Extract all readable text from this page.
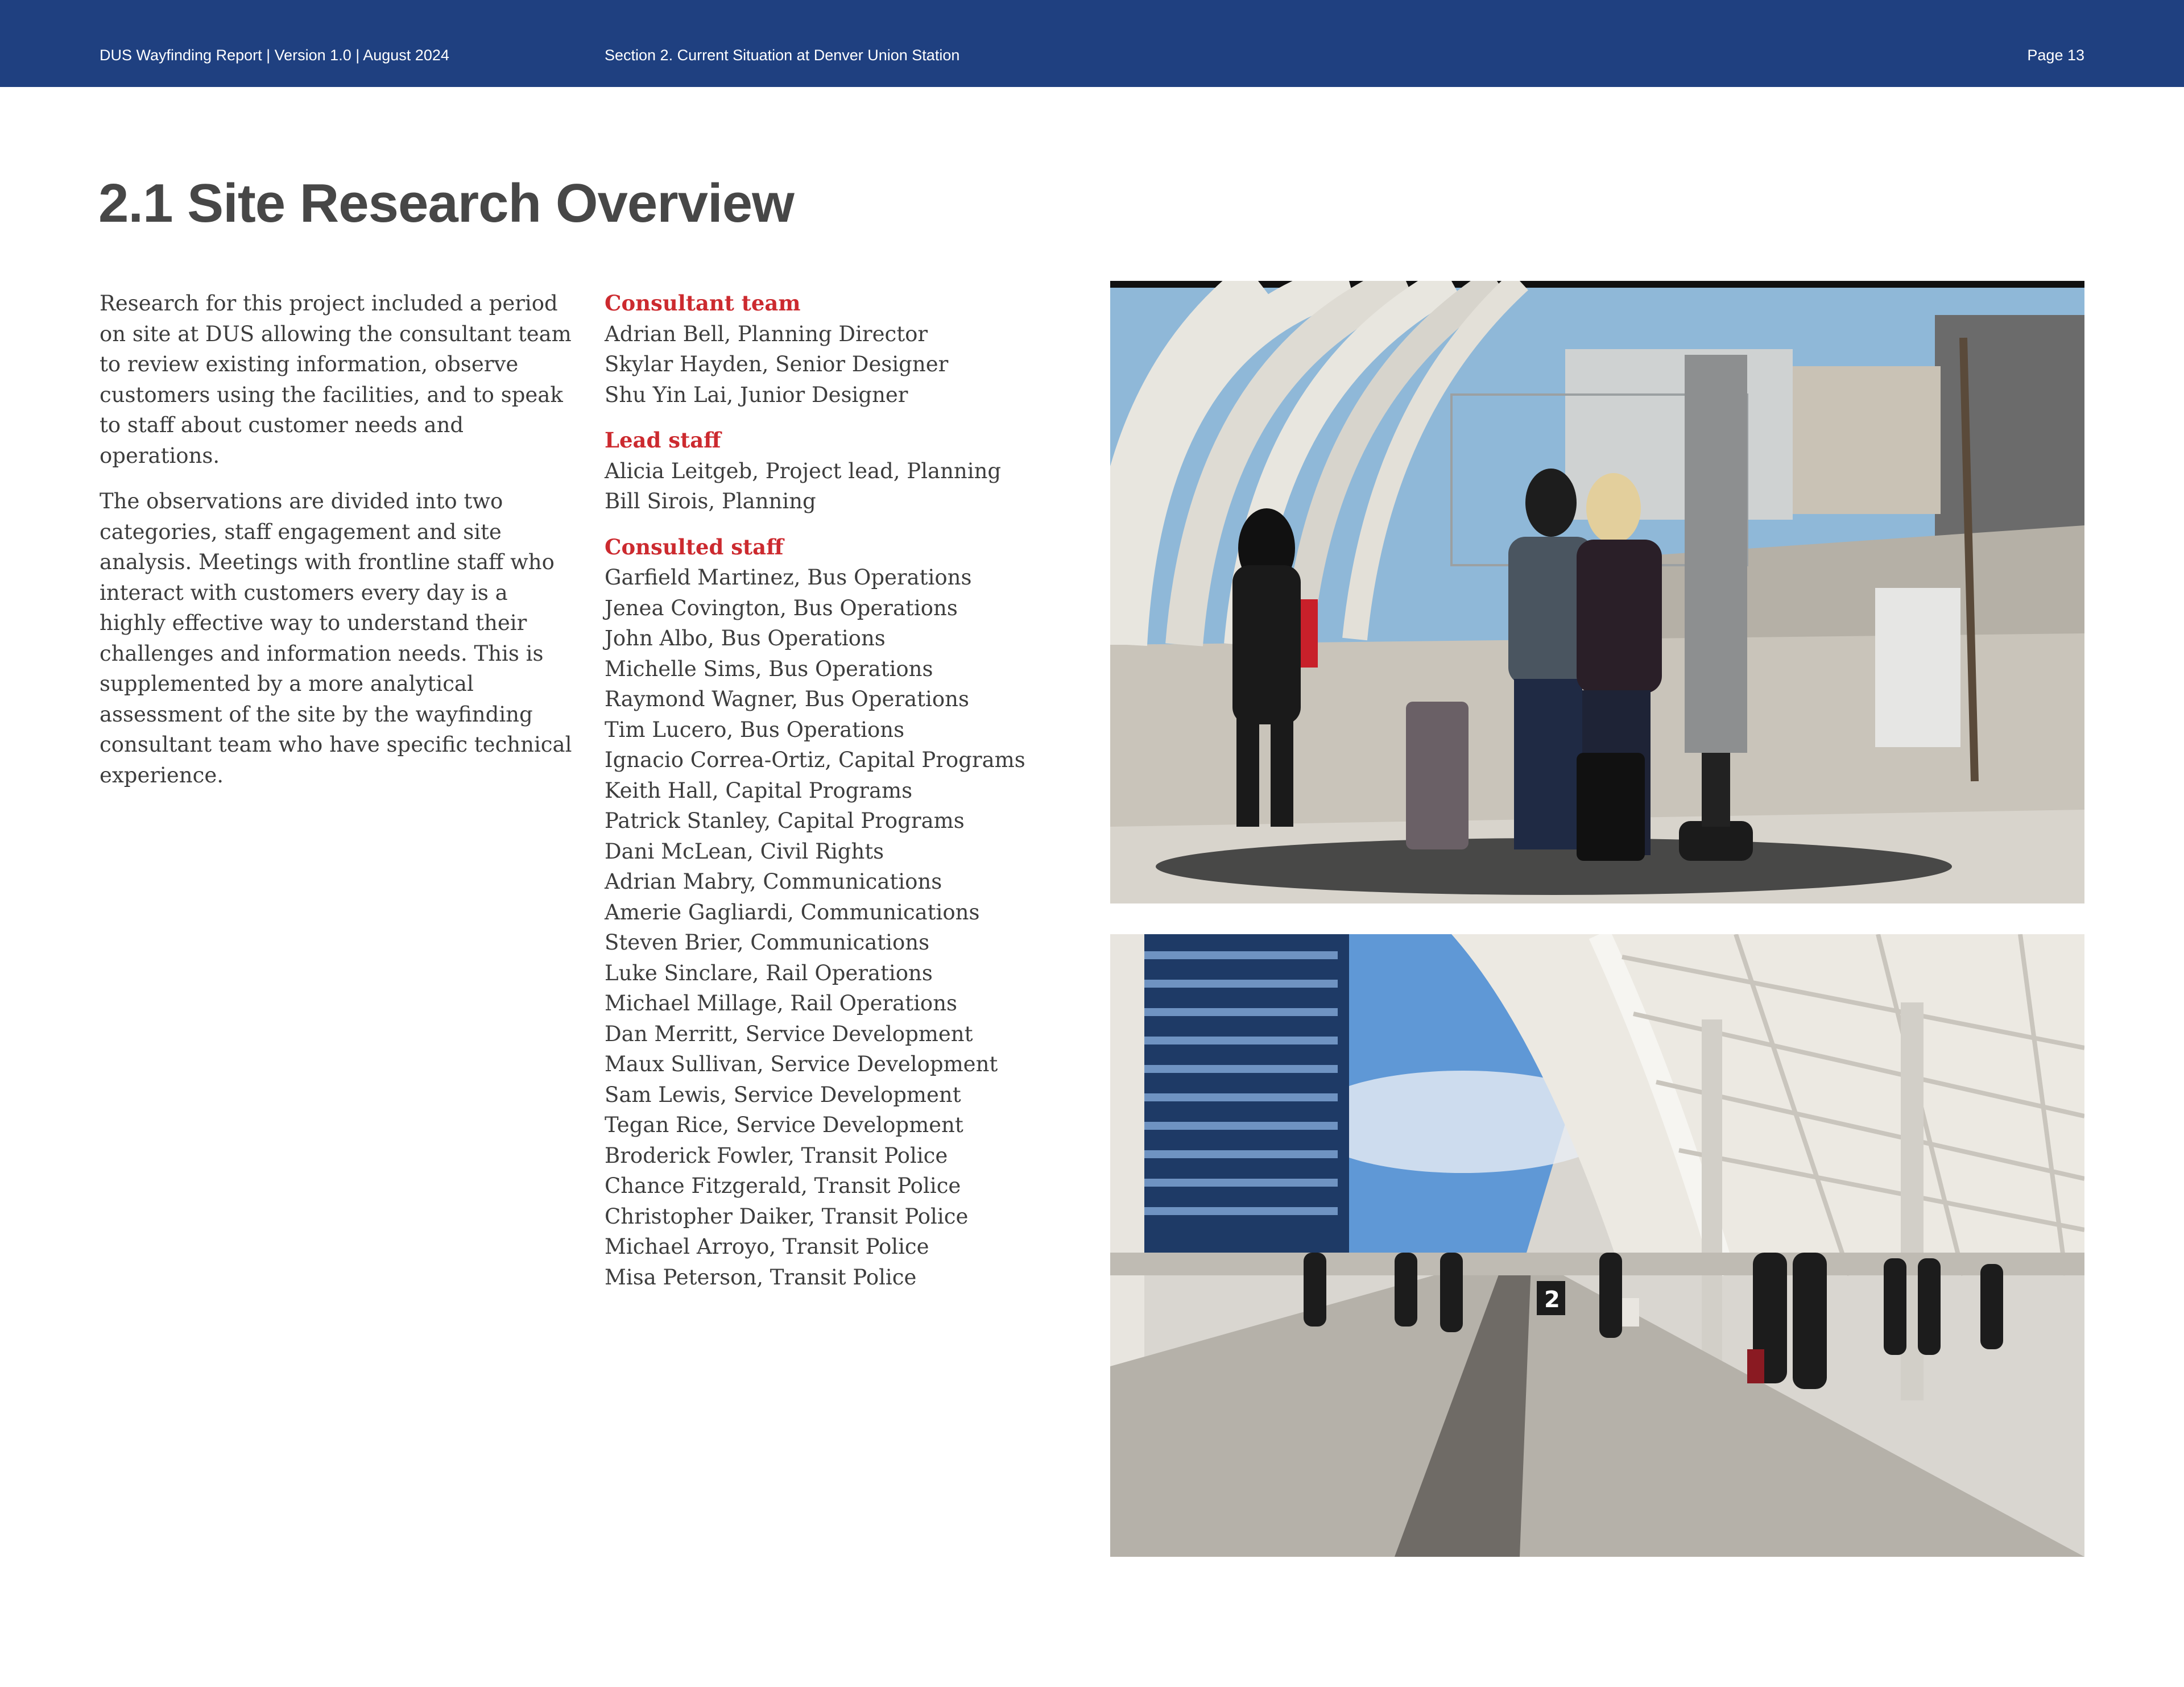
DUS Wayfinding Report | Version 1.0 | August 2024	Section 2. Current Situation at Denver Union Station	Page 13
2.1 Site Research Overview

Research for this project included a period on site at DUS allowing the consultant team to review existing information, observe customers using the facilities, and to speak to staff about customer needs and operations.

The observations are divided into two categories, staff engagement and site analysis. Meetings with frontline staff who interact with customers every day is a highly effective way to understand their challenges and information needs. This is supplemented by a more analytical assessment of the site by the wayfinding consultant team who have specific technical experience.

Consultant team
Adrian Bell, Planning Director
Skylar Hayden, Senior Designer
Shu Yin Lai, Junior Designer
Lead staff
Alicia Leitgeb, Project lead, Planning
Bill Sirois, Planning
Consulted staff
Garfield Martinez, Bus Operations
Jenea Covington, Bus Operations
John Albo, Bus Operations
Michelle Sims, Bus Operations
Raymond Wagner, Bus Operations
Tim Lucero, Bus Operations
Ignacio Correa-Ortiz, Capital Programs
Keith Hall, Capital Programs
Patrick Stanley, Capital Programs
Dani McLean, Civil Rights
Adrian Mabry, Communications
Amerie Gagliardi, Communications
Steven Brier, Communications
Luke Sinclare, Rail Operations
Michael Millage, Rail Operations
Dan Merritt, Service Development
Maux Sullivan, Service Development
Sam Lewis, Service Development
Tegan Rice, Service Development
Broderick Fowler, Transit Police
Chance Fitzgerald, Transit Police
Christopher Daiker, Transit Police
Michael Arroyo, Transit Police
Misa Peterson, Transit Police
2
